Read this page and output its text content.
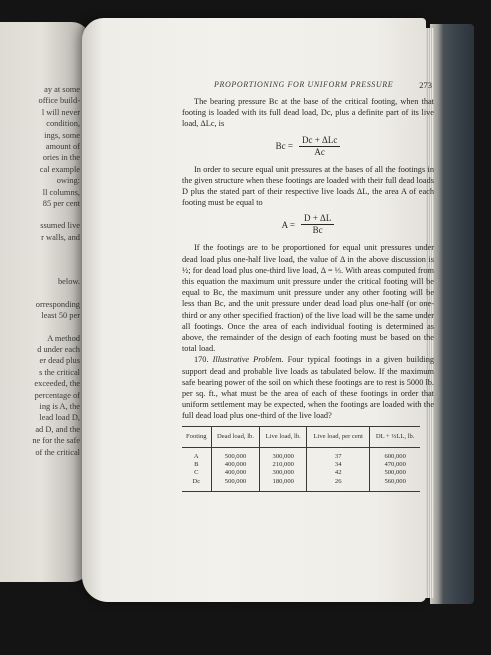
ay at some
office build-
l will never
condition,
ings, some
amount of
ories in the
cal example
owing:
ll columns,
85 per cent
ssumed live
r walls, and
below.
orresponding
least 50 per
A method
d under each
er dead plus
s the critical
exceeded, the
percentage of
ing is A, the
lead load D,
ad D, and the
ne for the safe
of the critical
PROPORTIONING FOR UNIFORM PRESSURE	273

The bearing pressure Bc at the base of the critical footing, when that footing is loaded with its full dead load, Dc, plus a definite part of its live load, ΔLc, is

$Bc = \frac{\text{Dc + ΔLc}}{Ac}$

In order to secure equal unit pressures at the bases of all the footings in the given structure when these footings are loaded with their full dead loads D plus the stated part of their respective live loads ΔL, the area A of each footing must be equal to

$A = \frac{D + \Delta L}{Bc}$

If the footings are to be proportioned for equal unit pressures under dead load plus one-half live load, the value of Δ in the above discussion is ½; for dead load plus one-third live load, Δ = ⅓. With areas computed from this equation the maximum unit pressure under the critical footing will be equal to Bc, the maximum unit pressure under any other footing will be less than Bc, and the unit pressure under dead load plus one-half (or one-third or any other specified fraction) of the live load will be the same under all footings. Once the area of each individual footing is determined as above, the remainder of the design of each footing must be based on the total load.

170. Illustrative Problem. Four typical footings in a given building support dead and probable live loads as tabulated below. If the maximum safe bearing power of the soil on which these footings are to rest is 5000 lb. per sq. ft., what must be the area of each of these footings in order that uniform settlement may be expected, when the footings are loaded with the full dead load plus one-third of the live load?

Footing	Dead load, lb.	Live load, lb.	Live load, per cent	DL + ⅓LL, lb.
A	500,000	300,000	37	600,000
B	400,000	210,000	34	470,000
C	400,000	300,000	42	500,000
Dc	500,000	180,000	26	560,000
